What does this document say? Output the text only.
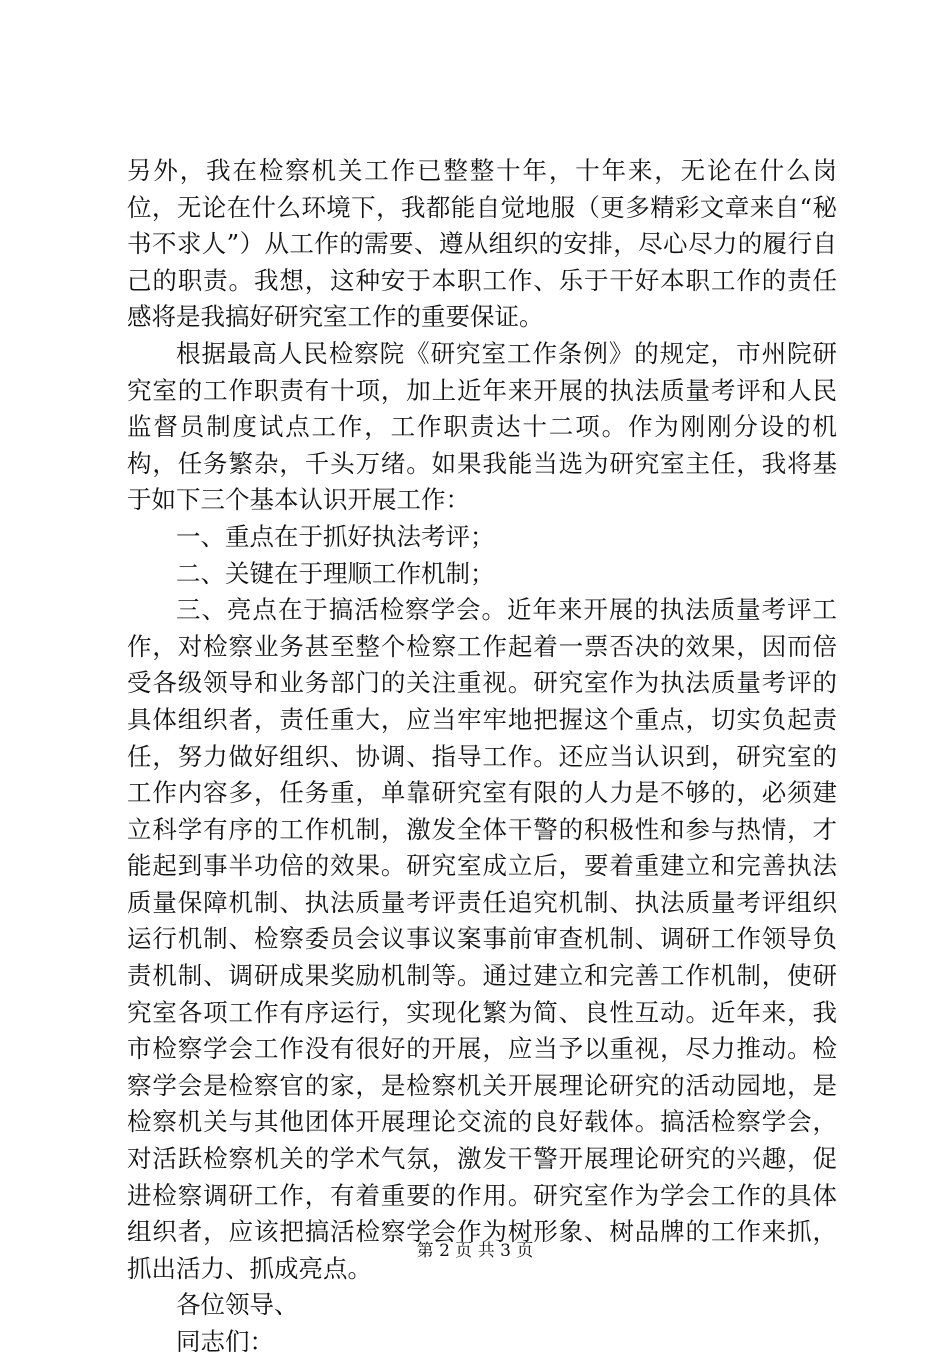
另外，我在检察机关工作已整整十年，十年来，无论在什么岗位，无论在什么环境下，我都能自觉地服（更多精彩文章来自“秘书不求人”）从工作的需要、遵从组织的安排，尽心尽力的履行自己的职责。我想，这种安于本职工作、乐于干好本职工作的责任感将是我搞好研究室工作的重要保证。

根据最高人民检察院《研究室工作条例》的规定，市州院研究室的工作职责有十项，加上近年来开展的执法质量考评和人民监督员制度试点工作，工作职责达十二项。作为刚刚分设的机构，任务繁杂，千头万绪。如果我能当选为研究室主任，我将基于如下三个基本认识开展工作：

一、重点在于抓好执法考评；

二、关键在于理顺工作机制；

三、亮点在于搞活检察学会。近年来开展的执法质量考评工作，对检察业务甚至整个检察工作起着一票否决的效果，因而倍受各级领导和业务部门的关注重视。研究室作为执法质量考评的具体组织者，责任重大，应当牢牢地把握这个重点，切实负起责任，努力做好组织、协调、指导工作。还应当认识到，研究室的工作内容多，任务重，单靠研究室有限的人力是不够的，必须建立科学有序的工作机制，激发全体干警的积极性和参与热情，才能起到事半功倍的效果。研究室成立后，要着重建立和完善执法质量保障机制、执法质量考评责任追究机制、执法质量考评组织运行机制、检察委员会议事议案事前审查机制、调研工作领导负责机制、调研成果奖励机制等。通过建立和完善工作机制，使研究室各项工作有序运行，实现化繁为简、良性互动。近年来，我市检察学会工作没有很好的开展，应当予以重视，尽力推动。检察学会是检察官的家，是检察机关开展理论研究的活动园地，是检察机关与其他团体开展理论交流的良好载体。搞活检察学会，对活跃检察机关的学术气氛，激发干警开展理论研究的兴趣，促进检察调研工作，有着重要的作用。研究室作为学会工作的具体组织者，应该把搞活检察学会作为树形象、树品牌的工作来抓，抓出活力、抓成亮点。

各位领导、

同志们：

第 2 页 共 3 页
